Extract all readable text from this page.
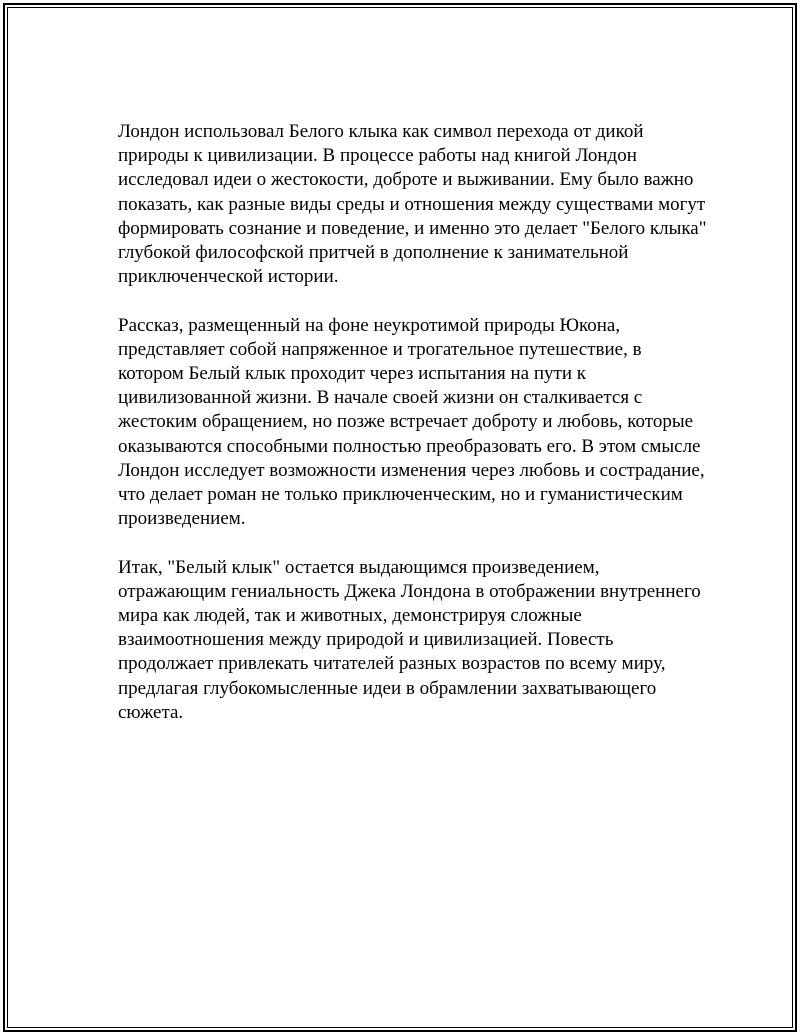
Лондон использовал Белого клыка как символ перехода от дикой природы к цивилизации. В процессе работы над книгой Лондон исследовал идеи о жестокости, доброте и выживании. Ему было важно показать, как разные виды среды и отношения между существами могут формировать сознание и поведение, и именно это делает "Белого клыка" глубокой философской притчей в дополнение к занимательной приключенческой истории.

Рассказ, размещенный на фоне неукротимой природы Юкона, представляет собой напряженное и трогательное путешествие, в котором Белый клык проходит через испытания на пути к цивилизованной жизни. В начале своей жизни он сталкивается с жестоким обращением, но позже встречает доброту и любовь, которые оказываются способными полностью преобразовать его. В этом смысле Лондон исследует возможности изменения через любовь и сострадание, что делает роман не только приключенческим, но и гуманистическим произведением.

Итак, "Белый клык" остается выдающимся произведением, отражающим гениальность Джека Лондона в отображении внутреннего мира как людей, так и животных, демонстрируя сложные взаимоотношения между природой и цивилизацией. Повесть продолжает привлекать читателей разных возрастов по всему миру, предлагая глубокомысленные идеи в обрамлении захватывающего сюжета.
